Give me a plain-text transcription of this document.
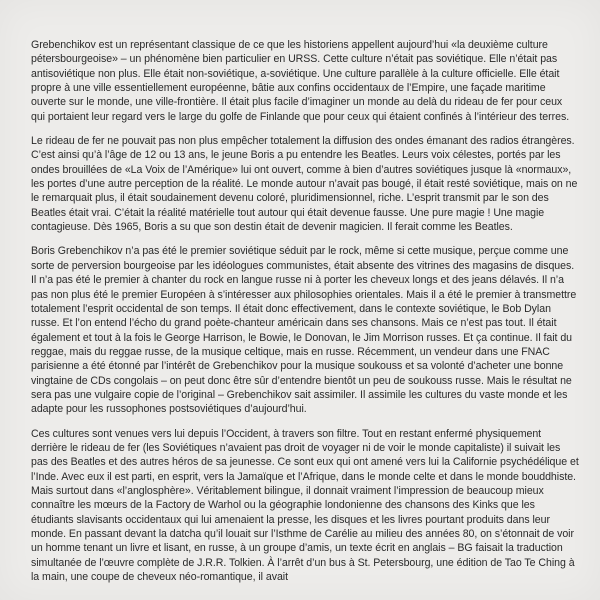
Grebenchikov est un représentant classique de ce que les historiens appellent aujourd’hui «la deuxième culture pétersbourgeoise» – un phénomène bien particulier en URSS. Cette culture n’était pas soviétique. Elle n’était pas antisoviétique non plus. Elle était non-soviétique, a-soviétique. Une culture parallèle à la culture officielle. Elle était propre à une ville essentiellement européenne, bâtie aux confins occidentaux de l’Empire, une façade maritime ouverte sur le monde, une ville-frontière. Il était plus facile d’imaginer un monde au delà du rideau de fer pour ceux qui portaient leur regard vers le large du golfe de Finlande que pour ceux qui étaient confinés à l’intérieur des terres.

Le rideau de fer ne pouvait pas non plus empêcher totalement la diffusion des ondes émanant des radios étrangères. C’est ainsi qu’à l’âge de 12 ou 13 ans, le jeune Boris a pu entendre les Beatles. Leurs voix célestes, portés par les ondes brouillées de «La Voix de l’Amérique» lui ont ouvert, comme à bien d’autres soviétiques jusque là «normaux», les portes d’une autre perception de la réalité. Le monde autour n’avait pas bougé, il était resté soviétique, mais on ne le remarquait plus, il était soudainement devenu coloré, pluridimensionnel, riche. L’esprit transmit par le son des Beatles était vrai. C’était la réalité matérielle tout autour qui était devenue fausse. Une pure magie ! Une magie contagieuse. Dès 1965, Boris a su que son destin était de devenir magicien. Il ferait comme les Beatles.

Boris Grebenchikov n’a pas été le premier soviétique séduit par le rock, même si cette musique, perçue comme une sorte de perversion bourgeoise par les idéologues communistes, était absente des vitrines des magasins de disques. Il n’a pas été le premier à chanter du rock en langue russe ni à porter les cheveux longs et des jeans délavés. Il n’a pas non plus été le premier Européen à s’intéresser aux philosophies orientales. Mais il a été le premier à transmettre totalement l’esprit occidental de son temps. Il était donc effectivement, dans le contexte soviétique, le Bob Dylan russe. Et l’on entend l’écho du grand poète-chanteur américain dans ses chansons. Mais ce n’est pas tout. Il était également et tout à la fois le George Harrison, le Bowie, le Donovan, le Jim Morrison russes. Et ça continue. Il fait du reggae, mais du reggae russe, de la musique celtique, mais en russe. Récemment, un vendeur dans une FNAC parisienne a été étonné par l’intérêt de Grebenchikov pour la musique soukouss et sa volonté d’acheter une bonne vingtaine de CDs congolais – on peut donc être sûr d’entendre bientôt un peu de soukouss russe. Mais le résultat ne sera pas une vulgaire copie de l’original – Grebenchikov sait assimiler. Il assimile les cultures du vaste monde et les adapte pour les russophones postsoviétiques d’aujourd’hui.

Ces cultures sont venues vers lui depuis l’Occident, à travers son filtre. Tout en restant enfermé physiquement derrière le rideau de fer (les Soviétiques n’avaient pas droit de voyager ni de voir le monde capitaliste) il suivait les pas des Beatles et des autres héros de sa jeunesse. Ce sont eux qui ont amené vers lui la Californie psychédélique et l’Inde. Avec eux il est parti, en esprit, vers la Jamaïque et l’Afrique, dans le monde celte et dans le monde bouddhiste. Mais surtout dans «l’anglosphère». Véritablement bilingue, il donnait vraiment l’impression de beaucoup mieux connaître les mœurs de la Factory de Warhol ou la géographie londonienne des chansons des Kinks que les étudiants slavisants occidentaux qui lui amenaient la presse, les disques et les livres pourtant produits dans leur monde. En passant devant la datcha qu’il louait sur l’Isthme de Carélie au milieu des années 80, on s’étonnait de voir un homme tenant un livre et lisant, en russe, à un groupe d’amis, un texte écrit en anglais – BG faisait la traduction simultanée de l’œuvre complète de J.R.R. Tolkien. À l’arrêt d’un bus à St. Petersbourg, une édition de Tao Te Ching à la main, une coupe de cheveux néo-romantique, il avait
